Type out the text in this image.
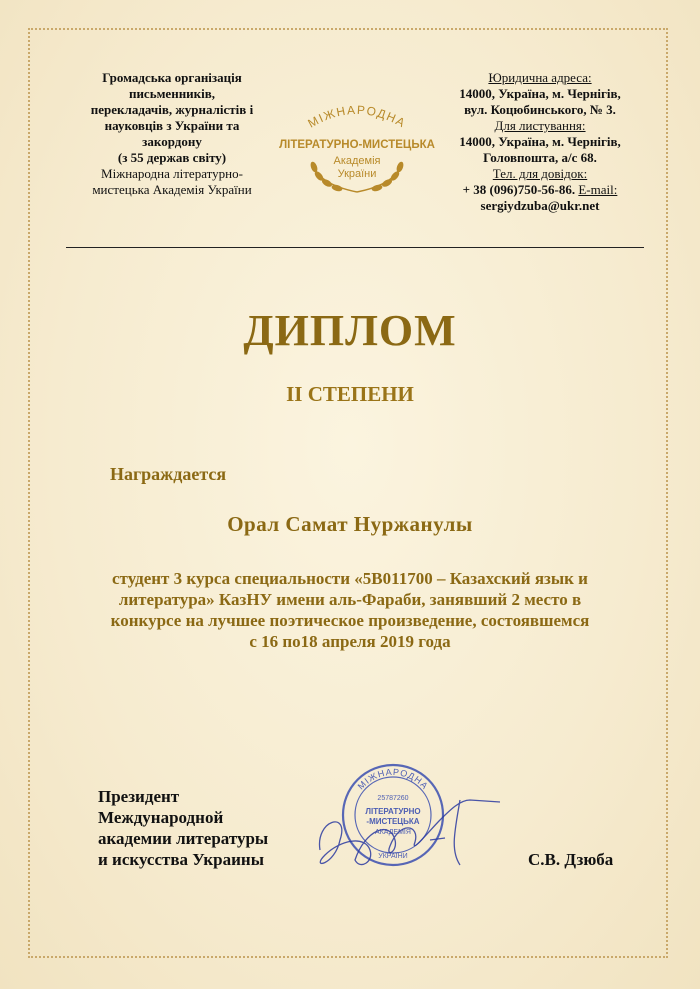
Громадська організація
письменників,
перекладачів, журналістів і
науковців з України та
закордону
(з 55 держав світу)
Міжнародна літературно-
мистецька Академія України
МІЖНАРОДНА
ЛІТЕРАТУРНО-МИСТЕЦЬКА
Академія
України
Юридична адреса:
14000, Україна, м. Чернігів,
вул. Коцюбинського, № 3.
Для листування:
14000, Україна, м. Чернігів,
Головпошта, а/с 68.
Тел. для довідок:
+ 38 (096)750-56-86. E-mail:
sergiydzuba@ukr.net
ДИПЛОМ
II СТЕПЕНИ
Награждается
Орал Самат Нуржанулы
студент 3 курса специальности «5В011700 – Казахский язык и
литература» КазНУ имени аль-Фараби, занявший 2 место в
конкурсе на лучшее поэтическое произведение, состоявшемся
с 16 по18 апреля 2019 года
Президент
Международной
академии литературы
и искусства Украины
МІЖНАРОДНА
25787260
ЛІТЕРАТУРНО
-МИСТЕЦЬКА
АКАДЕМІЯ
УКРАЇНИ	С.В. Дзюба
